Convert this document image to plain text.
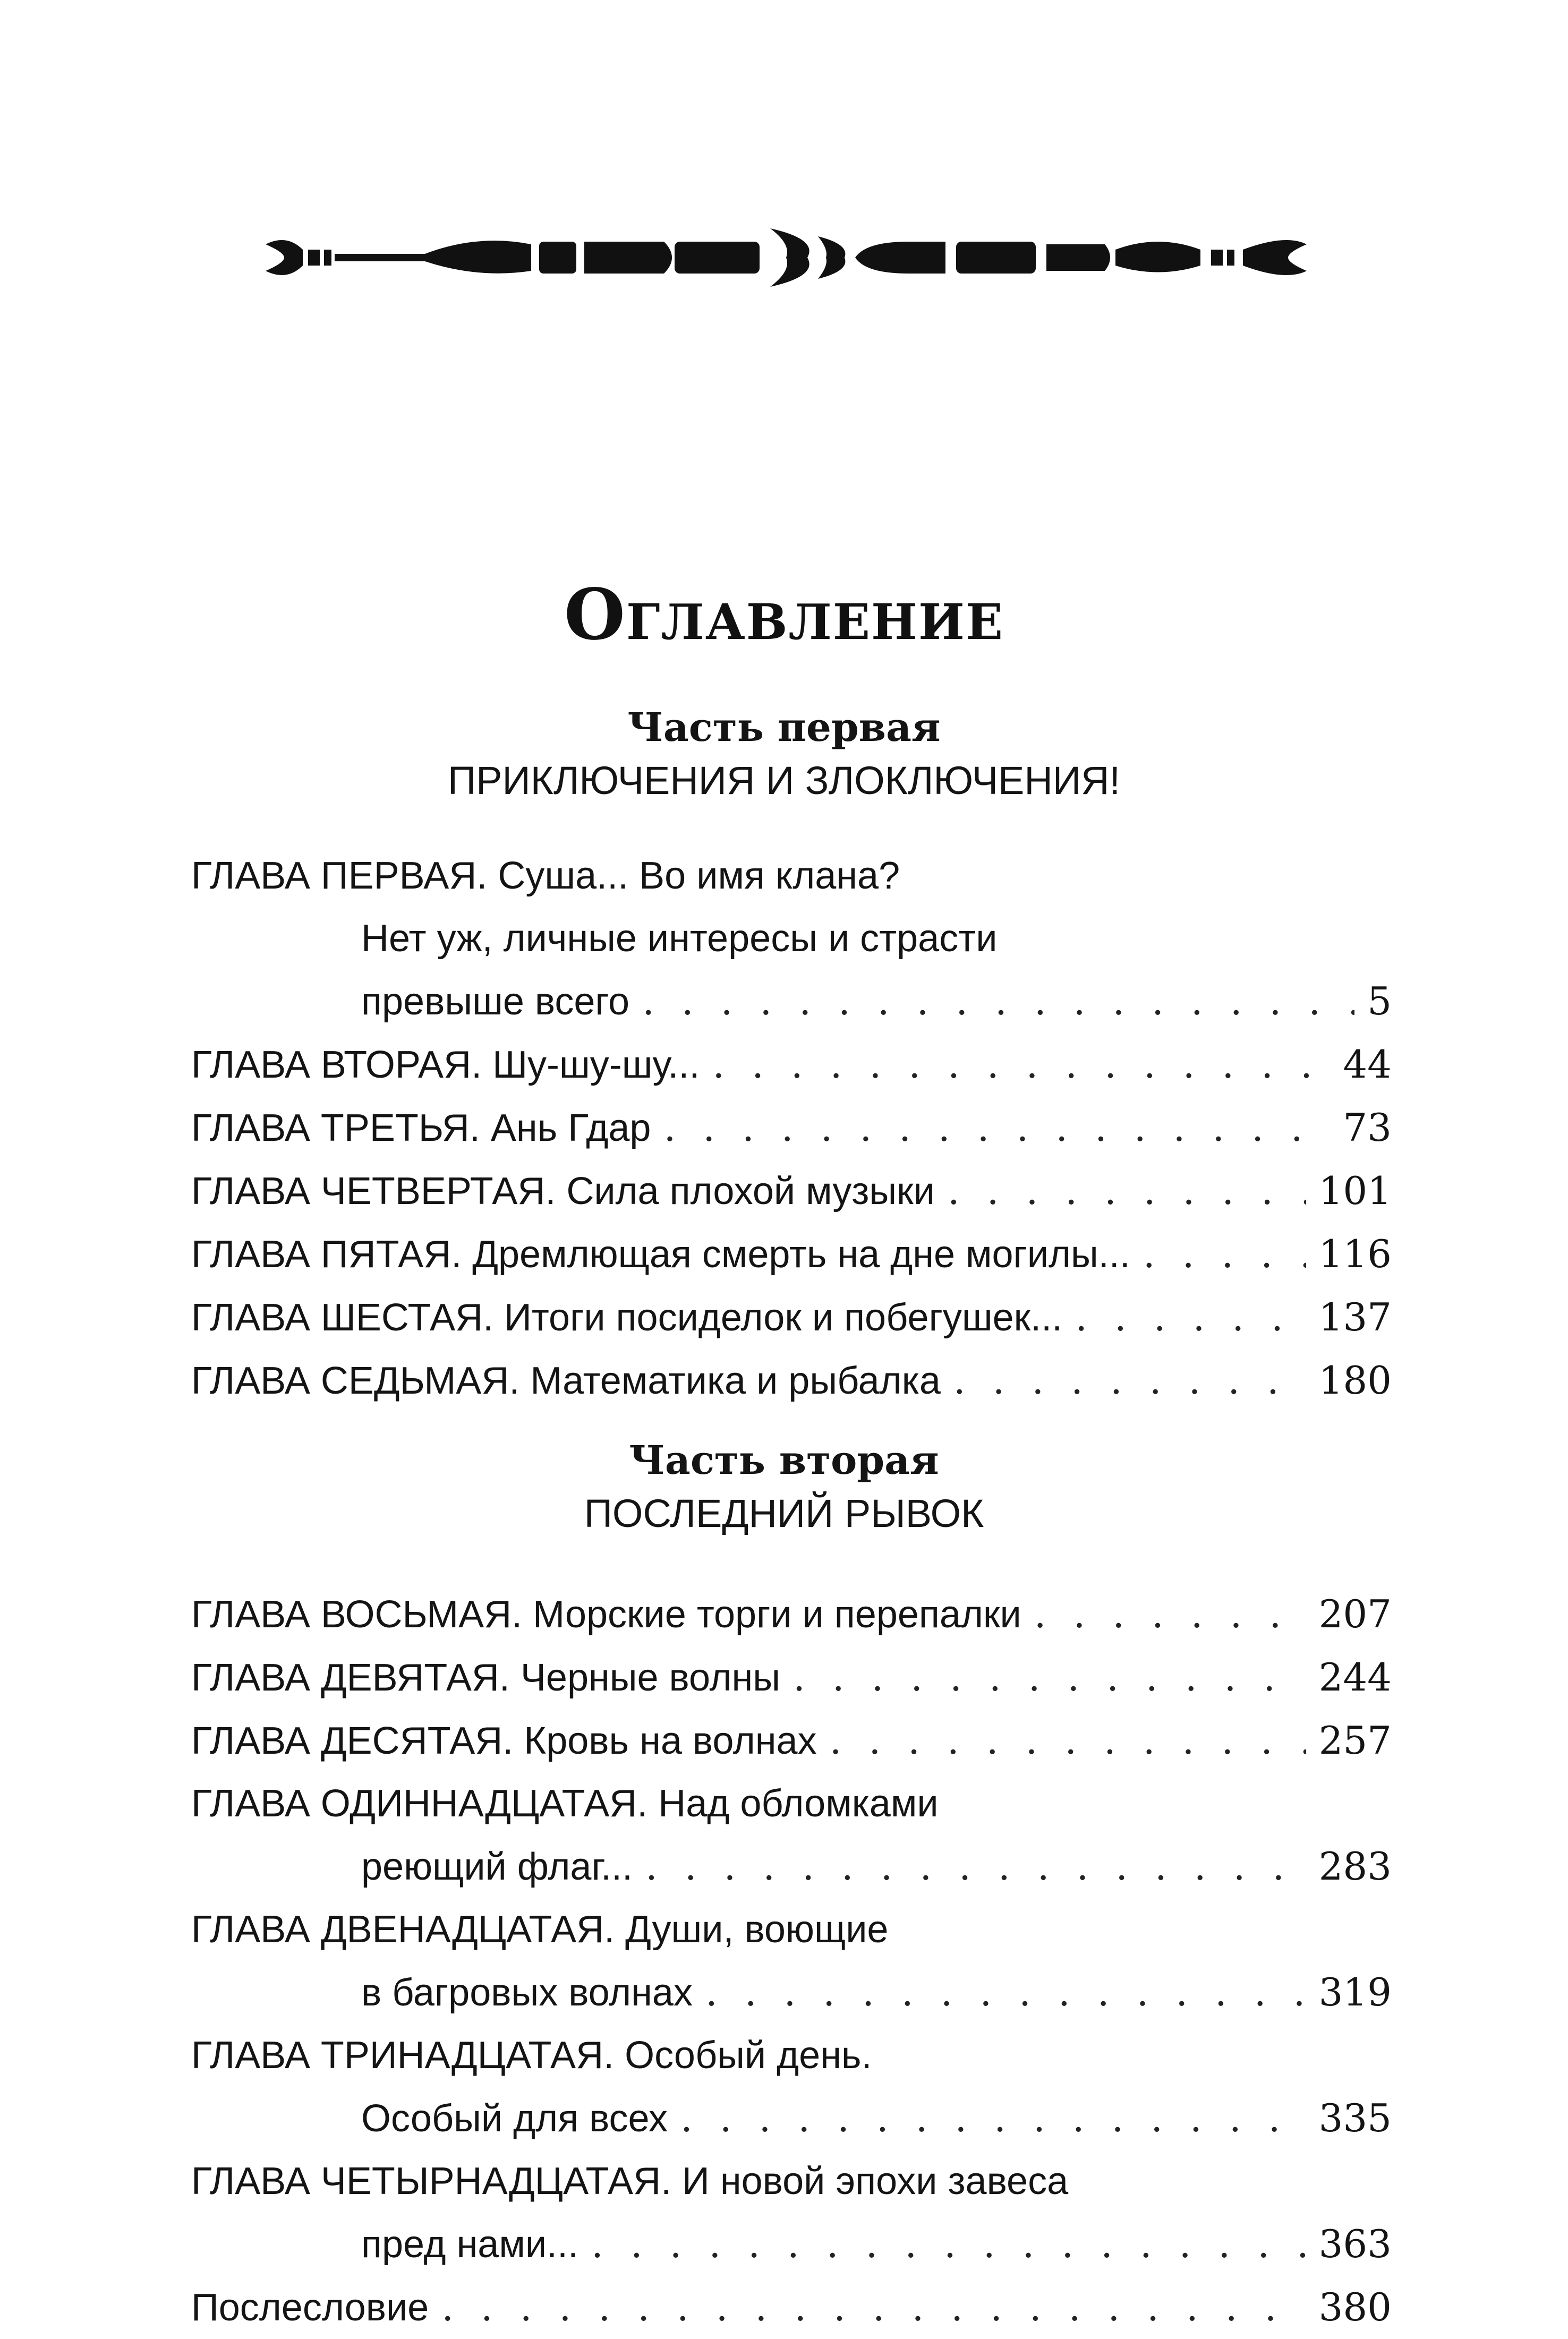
Оглавление
Часть первая
ПРИКЛЮЧЕНИЯ И ЗЛОКЛЮЧЕНИЯ!
ГЛАВА ПЕРВАЯ. Суша... Во имя клана?
Нет уж, личные интересы и страсти
превыше всего . . .	5
ГЛАВА ВТОРАЯ. Шу-шу-шу... . . .	44
ГЛАВА ТРЕТЬЯ. Ань Гдар . . .	73
ГЛАВА ЧЕТВЕРТАЯ. Сила плохой музыки . . .	101
ГЛАВА ПЯТАЯ. Дремлющая смерть на дне могилы... . . .	116
ГЛАВА ШЕСТАЯ. Итоги посиделок и побегушек... . . .	137
ГЛАВА СЕДЬМАЯ. Математика и рыбалка . . .	180
Часть вторая
ПОСЛЕДНИЙ РЫВОК
ГЛАВА ВОСЬМАЯ. Морские торги и перепалки . . .	207
ГЛАВА ДЕВЯТАЯ. Черные волны . . .	244
ГЛАВА ДЕСЯТАЯ. Кровь на волнах . . .	257
ГЛАВА ОДИННАДЦАТАЯ. Над обломками
реющий флаг... . . .	283
ГЛАВА ДВЕНАДЦАТАЯ. Души, воющие
в багровых волнах . . .	319
ГЛАВА ТРИНАДЦАТАЯ. Особый день.
Особый для всех . . .	335
ГЛАВА ЧЕТЫРНАДЦАТАЯ. И новой эпохи завеса
пред нами... . . .	363
Послесловие . . .	380
